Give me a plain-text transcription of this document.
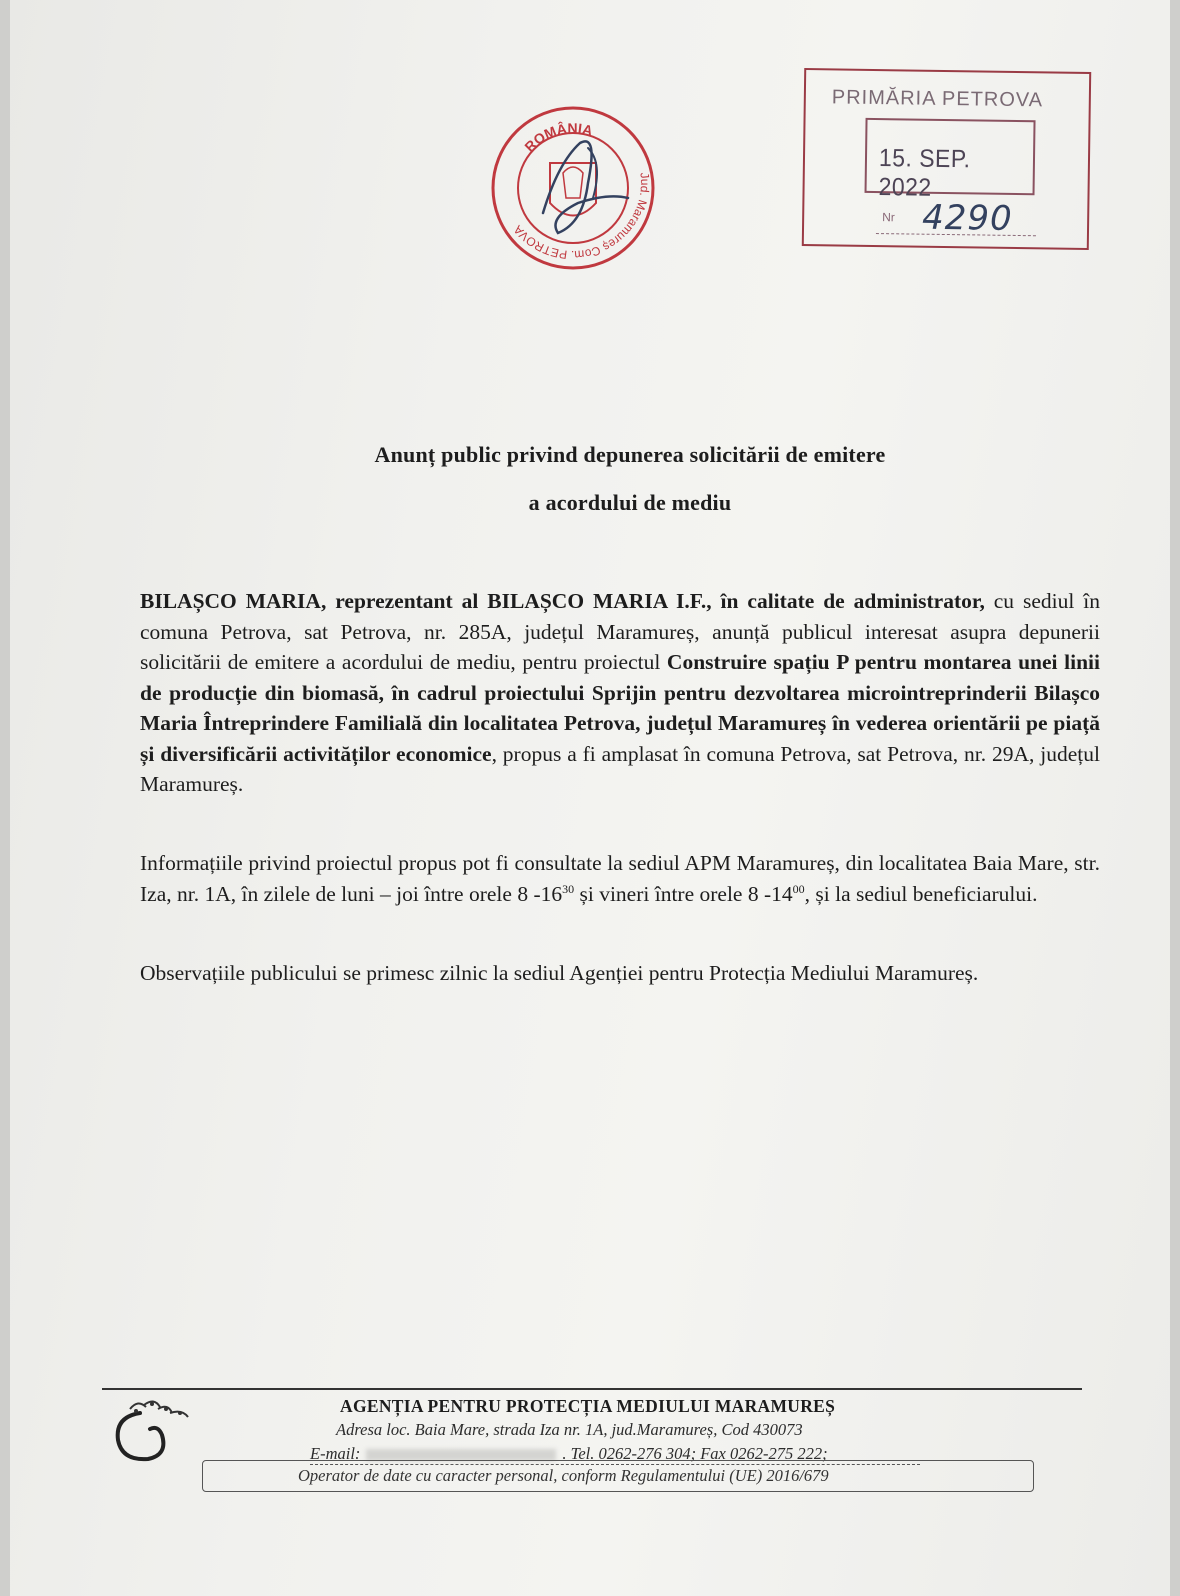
ROMÂNIA
Jud. Maramureș Com. PETROVA
PRIMĂRIA PETROVA
15. SEP. 2022
Nr 4290
Anunț public privind depunerea solicitării de emitere
a acordului de mediu
BILAȘCO MARIA, reprezentant al BILAȘCO MARIA I.F., în calitate de administrator, cu sediul în comuna Petrova, sat Petrova, nr. 285A, județul Maramureș, anunță publicul interesat asupra depunerii solicitării de emitere a acordului de mediu, pentru proiectul Construire spațiu P pentru montarea unei linii de producție din biomasă, în cadrul proiectului Sprijin pentru dezvoltarea microintreprinderii Bilașco Maria Întreprindere Familială din localitatea Petrova, județul Maramureș în vederea orientării pe piață și diversificării activităților economice, propus a fi amplasat în comuna Petrova, sat Petrova, nr. 29A, județul Maramureș.
Informațiile privind proiectul propus pot fi consultate la sediul APM Maramureș, din localitatea Baia Mare, str. Iza, nr. 1A, în zilele de luni – joi între orele 8 $-16^{30}$ și vineri între orele 8 $-14^{00}$, și la sediul beneficiarului.
Observațiile publicului se primesc zilnic la sediul Agenției pentru Protecția Mediului Maramureș.
AGENȚIA PENTRU PROTECȚIA MEDIULUI MARAMUREȘ
Adresa loc. Baia Mare, strada Iza nr. 1A, jud.Maramureș, Cod 430073
E-mail:	. Tel. 0262-276 304; Fax 0262-275 222;
Operator de date cu caracter personal, conform Regulamentului (UE) 2016/679
